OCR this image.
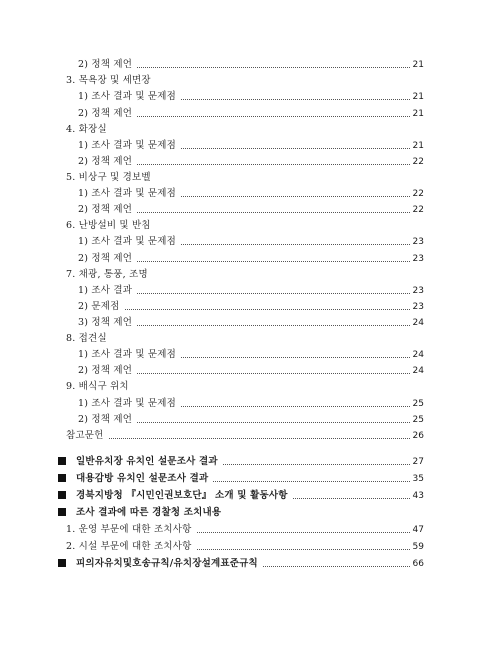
2) 정책 제언	21
3. 목욕장 및 세면장
1) 조사 결과 및 문제점	21
2) 정책 제언	21
4. 화장실
1) 조사 결과 및 문제점	21
2) 정책 제언	22
5. 비상구 및 경보벨
1) 조사 결과 및 문제점	22
2) 정책 제언	22
6. 난방설비 및 반침
1) 조사 결과 및 문제점	23
2) 정책 제언	23
7. 채광, 통풍, 조명
1) 조사 결과	23
2) 문제점	23
3) 정책 제언	24
8. 접견실
1) 조사 결과 및 문제점	24
2) 정책 제언	24
9. 배식구 위치
1) 조사 결과 및 문제점	25
2) 정책 제언	25
참고문헌	26
일반유치장 유치인 설문조사 결과	27
대용감방 유치인 설문조사 결과	35
경북지방청 『시민인권보호단』 소개 및 활동사항	43
조사 결과에 따른 경찰청 조치내용
1. 운영 부문에 대한 조치사항	47
2. 시설 부문에 대한 조치사항	59
피의자유치및호송규칙/유치장설계표준규칙	66
